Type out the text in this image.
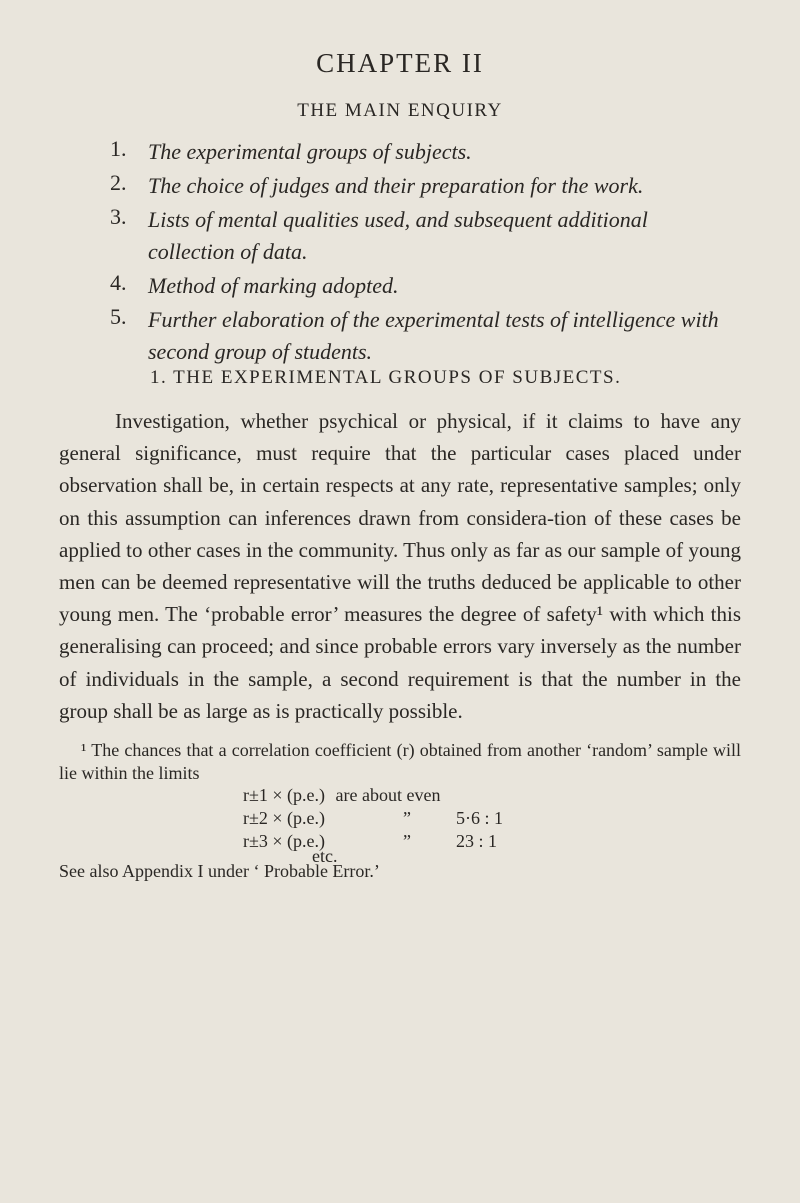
CHAPTER II
THE MAIN ENQUIRY
1. The experimental groups of subjects.
2. The choice of judges and their preparation for the work.
3. Lists of mental qualities used, and subsequent additional collection of data.
4. Method of marking adopted.
5. Further elaboration of the experimental tests of intelligence with second group of students.
1. THE EXPERIMENTAL GROUPS OF SUBJECTS.

Investigation, whether psychical or physical, if it claims to have any general significance, must require that the particular cases placed under observation shall be, in certain respects at any rate, representative samples; only on this assumption can inferences drawn from considera-tion of these cases be applied to other cases in the community. Thus only as far as our sample of young men can be deemed representative will the truths deduced be applicable to other young men. The ‘probable error’ measures the degree of safety¹ with which this generalising can proceed; and since probable errors vary inversely as the number of individuals in the sample, a second requirement is that the number in the group shall be as large as is practically possible.

¹ The chances that a correlation coefficient (r) obtained from another ‘random’ sample will lie within the limits

r±1 × (p.e.) are about even
r±2 × (p.e.)	”	5·6 : 1
r±3 × (p.e.)	”	23 : 1
etc.
See also Appendix I under ‘ Probable Error.’
